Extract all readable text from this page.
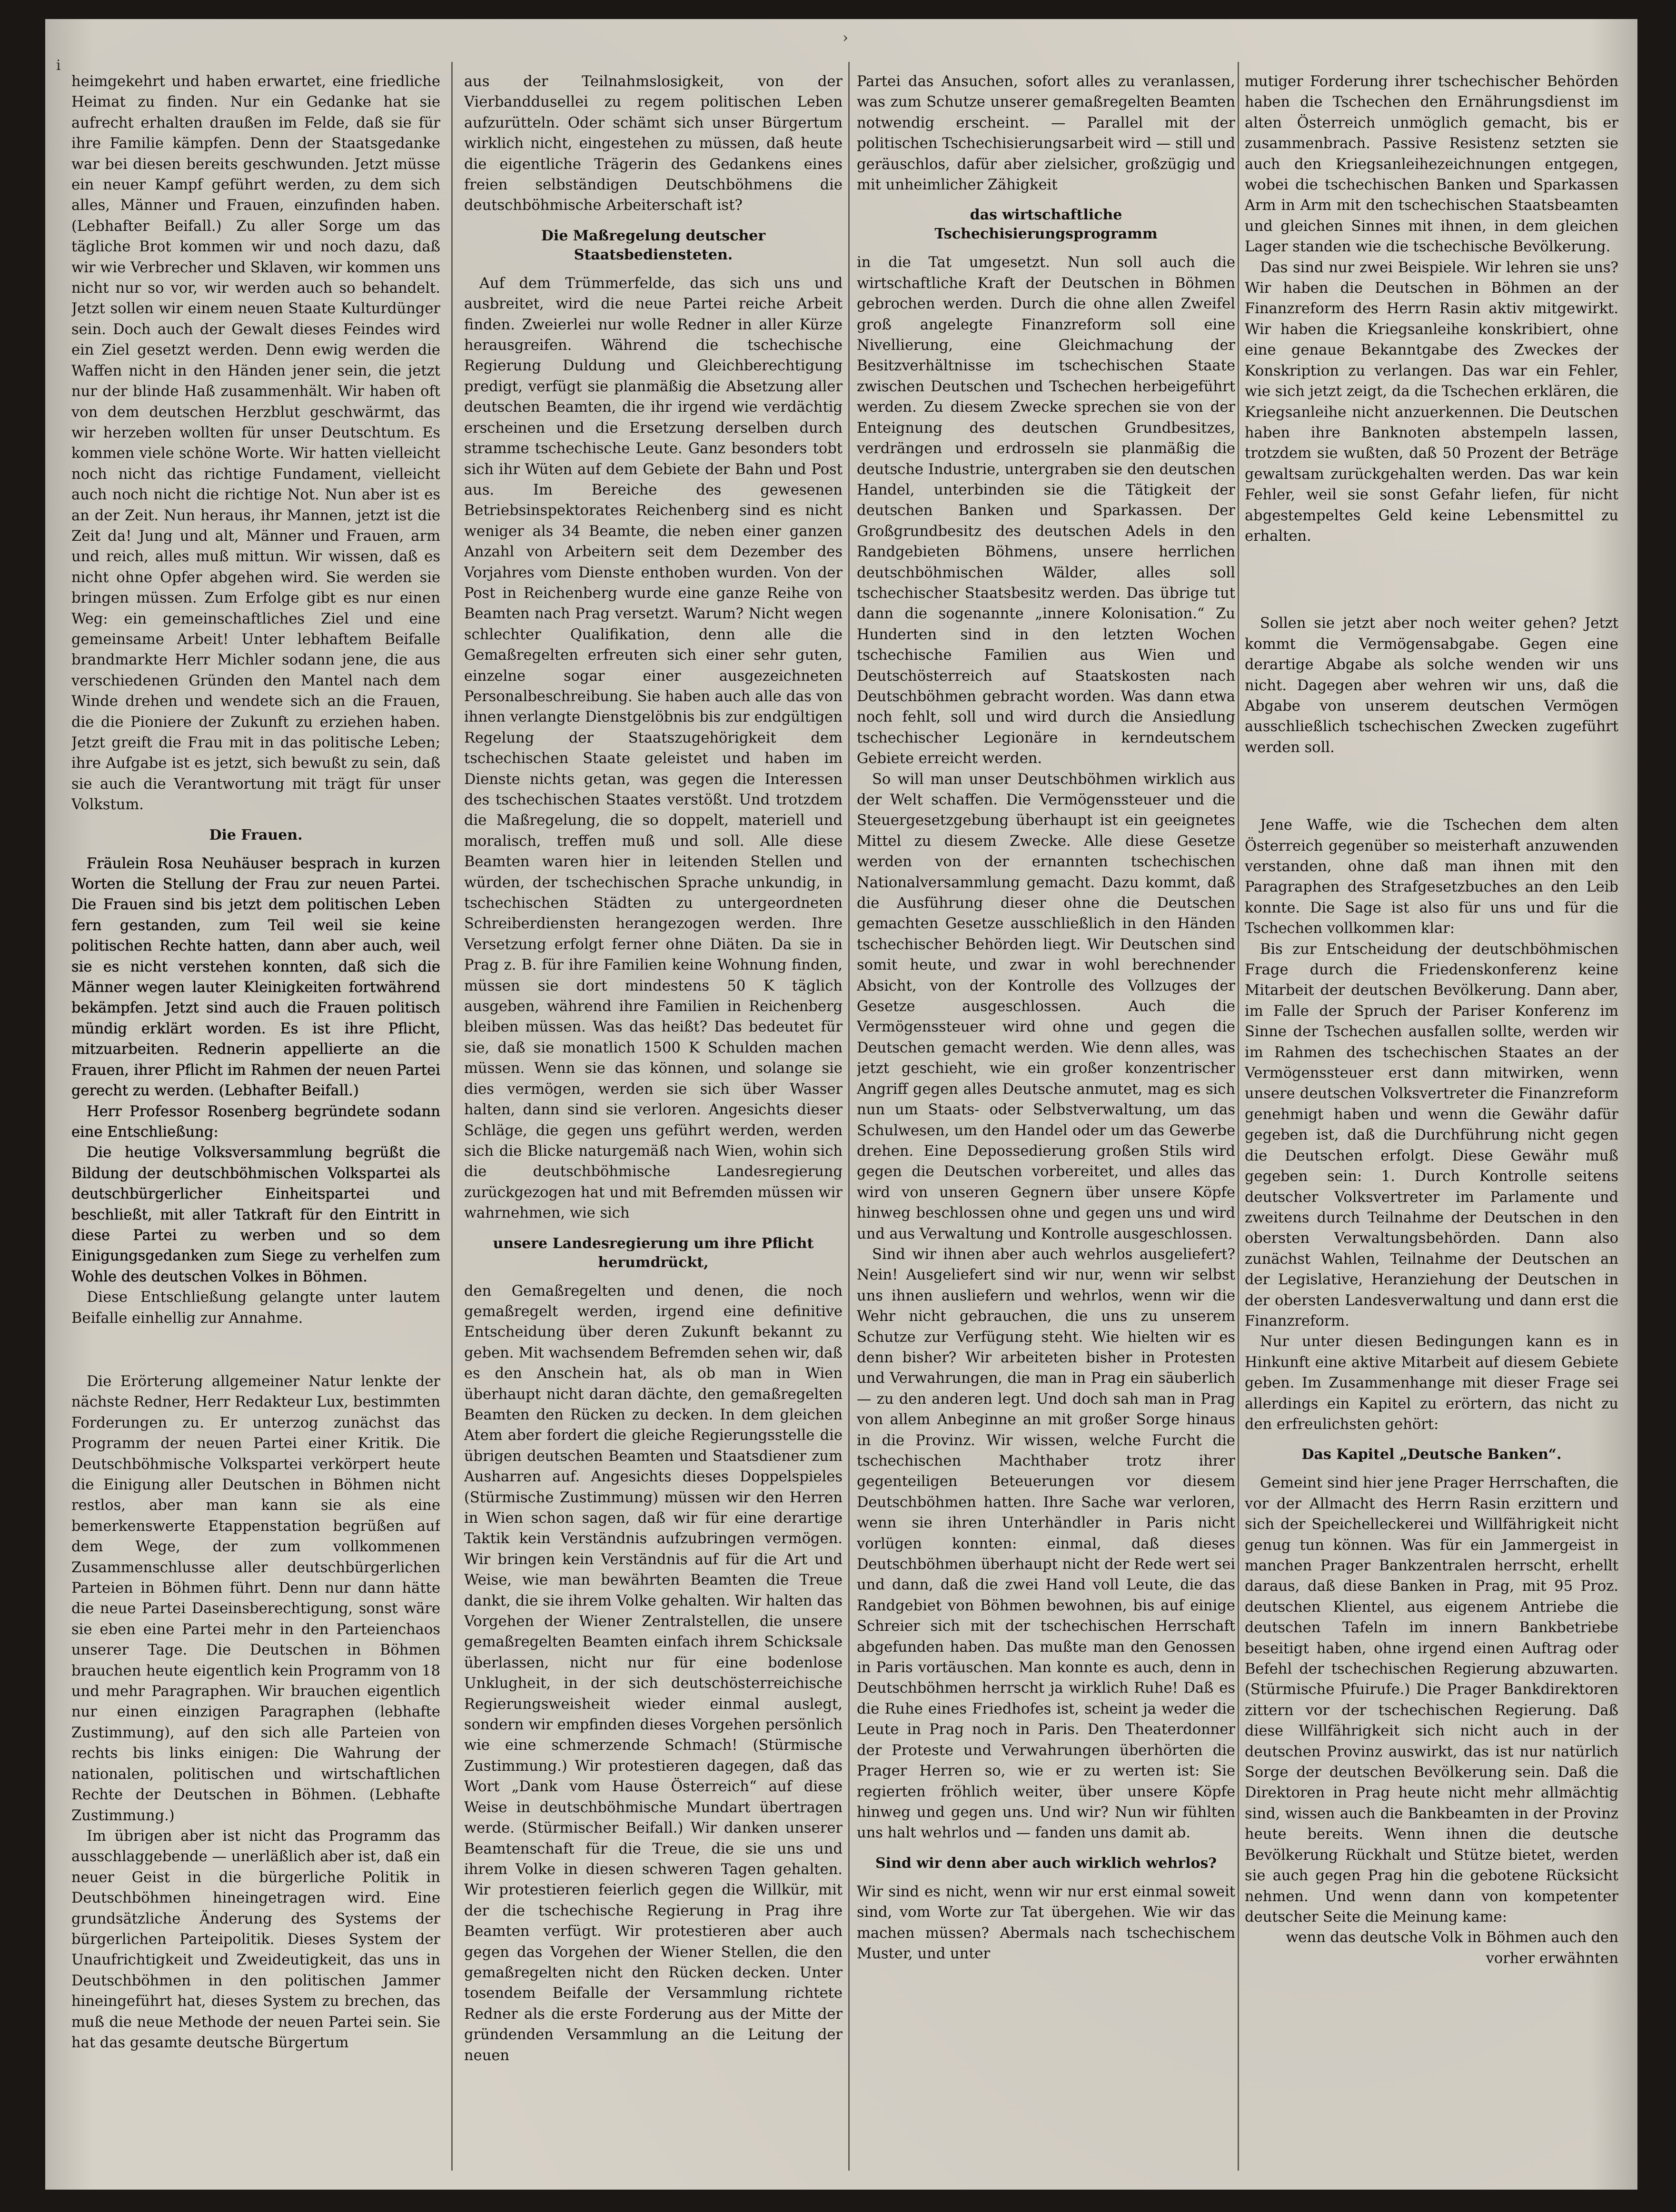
›
i

heimgekehrt und haben erwartet, eine friedliche Heimat zu finden. Nur ein Gedanke hat sie aufrecht erhalten draußen im Felde, daß sie für ihre Familie kämpfen. Denn der Staatsgedanke war bei diesen bereits geschwunden. Jetzt müsse ein neuer Kampf geführt werden, zu dem sich alles, Männer und Frauen, einzufinden haben. (Lebhafter Beifall.) Zu aller Sorge um das tägliche Brot kommen wir und noch dazu, daß wir wie Verbrecher und Sklaven, wir kommen uns nicht nur so vor, wir werden auch so behandelt. Jetzt sollen wir einem neuen Staate Kulturdünger sein. Doch auch der Gewalt dieses Feindes wird ein Ziel gesetzt werden. Denn ewig werden die Waffen nicht in den Händen jener sein, die jetzt nur der blinde Haß zusammenhält. Wir haben oft von dem deutschen Herzblut geschwärmt, das wir herzeben wollten für unser Deutschtum. Es kommen viele schöne Worte. Wir hatten vielleicht noch nicht das richtige Fundament, vielleicht auch noch nicht die richtige Not. Nun aber ist es an der Zeit. Nun heraus, ihr Mannen, jetzt ist die Zeit da! Jung und alt, Männer und Frauen, arm und reich, alles muß mittun. Wir wissen, daß es nicht ohne Opfer abgehen wird. Sie werden sie bringen müssen. Zum Erfolge gibt es nur einen Weg: ein gemeinschaftliches Ziel und eine gemeinsame Arbeit! Unter lebhaftem Beifalle brandmarkte Herr Michler sodann jene, die aus verschiedenen Gründen den Mantel nach dem Winde drehen und wendete sich an die Frauen, die die Pioniere der Zukunft zu erziehen haben. Jetzt greift die Frau mit in das politische Leben; ihre Aufgabe ist es jetzt, sich bewußt zu sein, daß sie auch die Verantwortung mit trägt für unser Volkstum.

Die Frauen.

Fräulein Rosa Neuhäuser besprach in kurzen Worten die Stellung der Frau zur neuen Partei. Die Frauen sind bis jetzt dem politischen Leben fern gestanden, zum Teil weil sie keine politischen Rechte hatten, dann aber auch, weil sie es nicht verstehen konnten, daß sich die Männer wegen lauter Kleinigkeiten fortwährend bekämpfen. Jetzt sind auch die Frauen politisch mündig erklärt worden. Es ist ihre Pflicht, mitzuarbeiten. Rednerin appellierte an die Frauen, ihrer Pflicht im Rahmen der neuen Partei gerecht zu werden. (Lebhafter Beifall.)

Herr Professor Rosenberg begründete sodann eine Entschließung:

Die heutige Volksversammlung begrüßt die Bildung der deutschböhmischen Volkspartei als deutschbürgerlicher Einheitspartei und beschließt, mit aller Tatkraft für den Eintritt in diese Partei zu werben und so dem Einigungsgedanken zum Siege zu verhelfen zum Wohle des deutschen Volkes in Böhmen.

Diese Entschließung gelangte unter lautem Beifalle einhellig zur Annahme.

Die Erörterung allgemeiner Natur lenkte der nächste Redner, Herr Redakteur Lux, bestimmten Forderungen zu. Er unterzog zunächst das Programm der neuen Partei einer Kritik. Die Deutschböhmische Volkspartei verkörpert heute die Einigung aller Deutschen in Böhmen nicht restlos, aber man kann sie als eine bemerkenswerte Etappenstation begrüßen auf dem Wege, der zum vollkommenen Zusammenschlusse aller deutschbürgerlichen Parteien in Böhmen führt. Denn nur dann hätte die neue Partei Daseinsberechtigung, sonst wäre sie eben eine Partei mehr in den Parteienchaos unserer Tage. Die Deutschen in Böhmen brauchen heute eigentlich kein Programm von 18 und mehr Paragraphen. Wir brauchen eigentlich nur einen einzigen Paragraphen (lebhafte Zustimmung), auf den sich alle Parteien von rechts bis links einigen: Die Wahrung der nationalen, politischen und wirtschaftlichen Rechte der Deutschen in Böhmen. (Lebhafte Zustimmung.)

Im übrigen aber ist nicht das Programm das ausschlaggebende — unerläßlich aber ist, daß ein neuer Geist in die bürgerliche Politik in Deutschböhmen hineingetragen wird. Eine grundsätzliche Änderung des Systems der bürgerlichen Parteipolitik. Dieses System der Unaufrichtigkeit und Zweideutigkeit, das uns in Deutschböhmen in den politischen Jammer hineingeführt hat, dieses System zu brechen, das muß die neue Methode der neuen Partei sein. Sie hat das gesamte deutsche Bürgertum

aus der Teilnahmslosigkeit, von der Vierbanddusellei zu regem politischen Leben aufzurütteln. Oder schämt sich unser Bürgertum wirklich nicht, eingestehen zu müssen, daß heute die eigentliche Trägerin des Gedankens eines freien selbständigen Deutschböhmens die deutschböhmische Arbeiterschaft ist?

Die Maßregelung deutscher Staatsbediensteten.

Auf dem Trümmerfelde, das sich uns und ausbreitet, wird die neue Partei reiche Arbeit finden. Zweierlei nur wolle Redner in aller Kürze herausgreifen. Während die tschechische Regierung Duldung und Gleichberechtigung predigt, verfügt sie planmäßig die Absetzung aller deutschen Beamten, die ihr irgend wie verdächtig erscheinen und die Ersetzung derselben durch stramme tschechische Leute. Ganz besonders tobt sich ihr Wüten auf dem Gebiete der Bahn und Post aus. Im Bereiche des gewesenen Betriebsinspektorates Reichenberg sind es nicht weniger als 34 Beamte, die neben einer ganzen Anzahl von Arbeitern seit dem Dezember des Vorjahres vom Dienste enthoben wurden. Von der Post in Reichenberg wurde eine ganze Reihe von Beamten nach Prag versetzt. Warum? Nicht wegen schlechter Qualifikation, denn alle die Gemaßregelten erfreuten sich einer sehr guten, einzelne sogar einer ausgezeichneten Personalbeschreibung. Sie haben auch alle das von ihnen verlangte Dienstgelöbnis bis zur endgültigen Regelung der Staatszugehörigkeit dem tschechischen Staate geleistet und haben im Dienste nichts getan, was gegen die Interessen des tschechischen Staates verstößt. Und trotzdem die Maßregelung, die so doppelt, materiell und moralisch, treffen muß und soll. Alle diese Beamten waren hier in leitenden Stellen und würden, der tschechischen Sprache unkundig, in tschechischen Städten zu untergeordneten Schreiberdiensten herangezogen werden. Ihre Versetzung erfolgt ferner ohne Diäten. Da sie in Prag z. B. für ihre Familien keine Wohnung finden, müssen sie dort mindestens 50 K täglich ausgeben, während ihre Familien in Reichenberg bleiben müssen. Was das heißt? Das bedeutet für sie, daß sie monatlich 1500 K Schulden machen müssen. Wenn sie das können, und solange sie dies vermögen, werden sie sich über Wasser halten, dann sind sie verloren. Angesichts dieser Schläge, die gegen uns geführt werden, werden sich die Blicke naturgemäß nach Wien, wohin sich die deutschböhmische Landesregierung zurückgezogen hat und mit Befremden müssen wir wahrnehmen, wie sich

unsere Landesregierung um ihre Pflicht herumdrückt,

den Gemaßregelten und denen, die noch gemaßregelt werden, irgend eine definitive Entscheidung über deren Zukunft bekannt zu geben. Mit wachsendem Befremden sehen wir, daß es den Anschein hat, als ob man in Wien überhaupt nicht daran dächte, den gemaßregelten Beamten den Rücken zu decken. In dem gleichen Atem aber fordert die gleiche Regierungsstelle die übrigen deutschen Beamten und Staatsdiener zum Ausharren auf. Angesichts dieses Doppelspieles (Stürmische Zustimmung) müssen wir den Herren in Wien schon sagen, daß wir für eine derartige Taktik kein Verständnis aufzubringen vermögen. Wir bringen kein Verständnis auf für die Art und Weise, wie man bewährten Beamten die Treue dankt, die sie ihrem Volke gehalten. Wir halten das Vorgehen der Wiener Zentralstellen, die unsere gemaßregelten Beamten einfach ihrem Schicksale überlassen, nicht nur für eine bodenlose Unklugheit, in der sich deutschösterreichische Regierungsweisheit wieder einmal auslegt, sondern wir empfinden dieses Vorgehen persönlich wie eine schmerzende Schmach! (Stürmische Zustimmung.) Wir protestieren dagegen, daß das Wort „Dank vom Hause Österreich“ auf diese Weise in deutschböhmische Mundart übertragen werde. (Stürmischer Beifall.) Wir danken unserer Beamtenschaft für die Treue, die sie uns und ihrem Volke in diesen schweren Tagen gehalten. Wir protestieren feierlich gegen die Willkür, mit der die tschechische Regierung in Prag ihre Beamten verfügt. Wir protestieren aber auch gegen das Vorgehen der Wiener Stellen, die den gemaßregelten nicht den Rücken decken. Unter tosendem Beifalle der Versammlung richtete Redner als die erste Forderung aus der Mitte der gründenden Versammlung an die Leitung der neuen

Partei das Ansuchen, sofort alles zu veranlassen, was zum Schutze unserer gemaßregelten Beamten notwendig erscheint. — Parallel mit der politischen Tschechisierungsarbeit wird — still und geräuschlos, dafür aber zielsicher, großzügig und mit unheimlicher Zähigkeit

das wirtschaftliche Tschechisierungsprogramm

in die Tat umgesetzt. Nun soll auch die wirtschaftliche Kraft der Deutschen in Böhmen gebrochen werden. Durch die ohne allen Zweifel groß angelegte Finanzreform soll eine Nivellierung, eine Gleichmachung der Besitzverhältnisse im tschechischen Staate zwischen Deutschen und Tschechen herbeigeführt werden. Zu diesem Zwecke sprechen sie von der Enteignung des deutschen Grundbesitzes, verdrängen und erdrosseln sie planmäßig die deutsche Industrie, untergraben sie den deutschen Handel, unterbinden sie die Tätigkeit der deutschen Banken und Sparkassen. Der Großgrundbesitz des deutschen Adels in den Randgebieten Böhmens, unsere herrlichen deutschböhmischen Wälder, alles soll tschechischer Staatsbesitz werden. Das übrige tut dann die sogenannte „innere Kolonisation.“ Zu Hunderten sind in den letzten Wochen tschechische Familien aus Wien und Deutschösterreich auf Staatskosten nach Deutschböhmen gebracht worden. Was dann etwa noch fehlt, soll und wird durch die Ansiedlung tschechischer Legionäre in kerndeutschem Gebiete erreicht werden.

So will man unser Deutschböhmen wirklich aus der Welt schaffen. Die Vermögenssteuer und die Steuergesetzgebung überhaupt ist ein geeignetes Mittel zu diesem Zwecke. Alle diese Gesetze werden von der ernannten tschechischen Nationalversammlung gemacht. Dazu kommt, daß die Ausführung dieser ohne die Deutschen gemachten Gesetze ausschließlich in den Händen tschechischer Behörden liegt. Wir Deutschen sind somit heute, und zwar in wohl berechnender Absicht, von der Kontrolle des Vollzuges der Gesetze ausgeschlossen. Auch die Vermögenssteuer wird ohne und gegen die Deutschen gemacht werden. Wie denn alles, was jetzt geschieht, wie ein großer konzentrischer Angriff gegen alles Deutsche anmutet, mag es sich nun um Staats- oder Selbstverwaltung, um das Schulwesen, um den Handel oder um das Gewerbe drehen. Eine Depossedierung großen Stils wird gegen die Deutschen vorbereitet, und alles das wird von unseren Gegnern über unsere Köpfe hinweg beschlossen ohne und gegen uns und wird und aus Verwaltung und Kontrolle ausgeschlossen.

Sind wir ihnen aber auch wehrlos ausgeliefert? Nein! Ausgeliefert sind wir nur, wenn wir selbst uns ihnen ausliefern und wehrlos, wenn wir die Wehr nicht gebrauchen, die uns zu unserem Schutze zur Verfügung steht. Wie hielten wir es denn bisher? Wir arbeiteten bisher in Protesten und Verwahrungen, die man in Prag ein säuberlich — zu den anderen legt. Und doch sah man in Prag von allem Anbeginne an mit großer Sorge hinaus in die Provinz. Wir wissen, welche Furcht die tschechischen Machthaber trotz ihrer gegenteiligen Beteuerungen vor diesem Deutschböhmen hatten. Ihre Sache war verloren, wenn sie ihren Unterhändler in Paris nicht vorlügen konnten: einmal, daß dieses Deutschböhmen überhaupt nicht der Rede wert sei und dann, daß die zwei Hand voll Leute, die das Randgebiet von Böhmen bewohnen, bis auf einige Schreier sich mit der tschechischen Herrschaft abgefunden haben. Das mußte man den Genossen in Paris vortäuschen. Man konnte es auch, denn in Deutschböhmen herrscht ja wirklich Ruhe! Daß es die Ruhe eines Friedhofes ist, scheint ja weder die Leute in Prag noch in Paris. Den Theaterdonner der Proteste und Verwahrungen überhörten die Prager Herren so, wie er zu werten ist: Sie regierten fröhlich weiter, über unsere Köpfe hinweg und gegen uns. Und wir? Nun wir fühlten uns halt wehrlos und — fanden uns damit ab.

Sind wir denn aber auch wirklich wehrlos?

Wir sind es nicht, wenn wir nur erst einmal soweit sind, vom Worte zur Tat übergehen. Wie wir das machen müssen? Abermals nach tschechischem Muster, und unter

mutiger Forderung ihrer tschechischer Behörden haben die Tschechen den Ernährungsdienst im alten Österreich unmöglich gemacht, bis er zusammenbrach. Passive Resistenz setzten sie auch den Kriegsanleihezeichnungen entgegen, wobei die tschechischen Banken und Sparkassen Arm in Arm mit den tschechischen Staatsbeamten und gleichen Sinnes mit ihnen, in dem gleichen Lager standen wie die tschechische Bevölkerung.

Das sind nur zwei Beispiele. Wir lehren sie uns? Wir haben die Deutschen in Böhmen an der Finanzreform des Herrn Rasin aktiv mitgewirkt. Wir haben die Kriegsanleihe konskribiert, ohne eine genaue Bekanntgabe des Zweckes der Konskription zu verlangen. Das war ein Fehler, wie sich jetzt zeigt, da die Tschechen erklären, die Kriegsanleihe nicht anzuerkennen. Die Deutschen haben ihre Banknoten abstempeln lassen, trotzdem sie wußten, daß 50 Prozent der Beträge gewaltsam zurückgehalten werden. Das war kein Fehler, weil sie sonst Gefahr liefen, für nicht abgestempeltes Geld keine Lebensmittel zu erhalten.

Sollen sie jetzt aber noch weiter gehen? Jetzt kommt die Vermögensabgabe. Gegen eine derartige Abgabe als solche wenden wir uns nicht. Dagegen aber wehren wir uns, daß die Abgabe von unserem deutschen Vermögen ausschließlich tschechischen Zwecken zugeführt werden soll.

Jene Waffe, wie die Tschechen dem alten Österreich gegenüber so meisterhaft anzuwenden verstanden, ohne daß man ihnen mit den Paragraphen des Strafgesetzbuches an den Leib konnte. Die Sage ist also für uns und für die Tschechen vollkommen klar:

Bis zur Entscheidung der deutschböhmischen Frage durch die Friedenskonferenz keine Mitarbeit der deutschen Bevölkerung. Dann aber, im Falle der Spruch der Pariser Konferenz im Sinne der Tschechen ausfallen sollte, werden wir im Rahmen des tschechischen Staates an der Vermögenssteuer erst dann mitwirken, wenn unsere deutschen Volksvertreter die Finanzreform genehmigt haben und wenn die Gewähr dafür gegeben ist, daß die Durchführung nicht gegen die Deutschen erfolgt. Diese Gewähr muß gegeben sein: 1. Durch Kontrolle seitens deutscher Volksvertreter im Parlamente und zweitens durch Teilnahme der Deutschen in den obersten Verwaltungsbehörden. Dann also zunächst Wahlen, Teilnahme der Deutschen an der Legislative, Heranziehung der Deutschen in der obersten Landesverwaltung und dann erst die Finanzreform.

Nur unter diesen Bedingungen kann es in Hinkunft eine aktive Mitarbeit auf diesem Gebiete geben. Im Zusammenhange mit dieser Frage sei allerdings ein Kapitel zu erörtern, das nicht zu den erfreulichsten gehört:

Das Kapitel „Deutsche Banken“.

Gemeint sind hier jene Prager Herrschaften, die vor der Allmacht des Herrn Rasin erzittern und sich der Speichelleckerei und Willfährigkeit nicht genug tun können. Was für ein Jammergeist in manchen Prager Bankzentralen herrscht, erhellt daraus, daß diese Banken in Prag, mit 95 Proz. deutschen Klientel, aus eigenem Antriebe die deutschen Tafeln im innern Bankbetriebe beseitigt haben, ohne irgend einen Auftrag oder Befehl der tschechischen Regierung abzuwarten. (Stürmische Pfuirufe.) Die Prager Bankdirektoren zittern vor der tschechischen Regierung. Daß diese Willfährigkeit sich nicht auch in der deutschen Provinz auswirkt, das ist nur natürlich Sorge der deutschen Bevölkerung sein. Daß die Direktoren in Prag heute nicht mehr allmächtig sind, wissen auch die Bankbeamten in der Provinz heute bereits. Wenn ihnen die deutsche Bevölkerung Rückhalt und Stütze bietet, werden sie auch gegen Prag hin die gebotene Rücksicht nehmen. Und wenn dann von kompetenter deutscher Seite die Meinung kame:

wenn das deutsche Volk in Böhmen auch den vorher erwähnten
